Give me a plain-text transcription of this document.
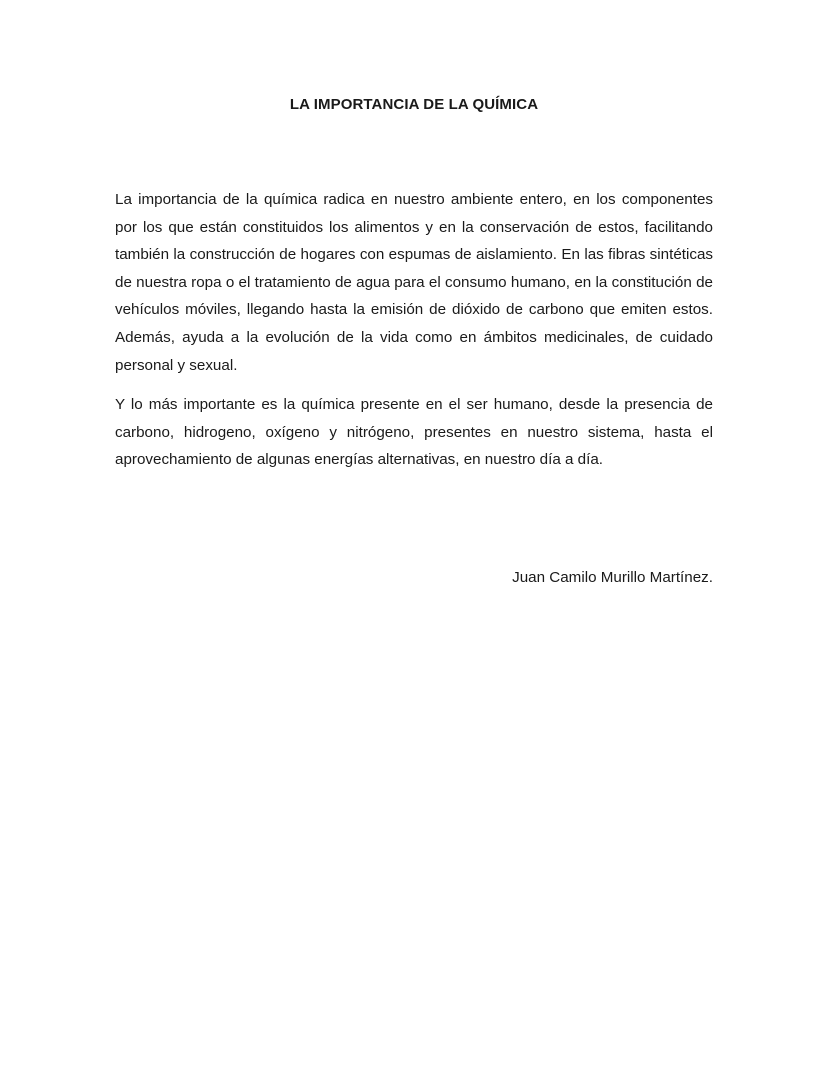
LA IMPORTANCIA DE LA QUÍMICA

La importancia de la química radica en nuestro ambiente entero, en los componentes por los que están constituidos los alimentos y en la conservación de estos, facilitando también la construcción de hogares con espumas de aislamiento. En las fibras sintéticas de nuestra ropa o el tratamiento de agua para el consumo humano, en la constitución de vehículos móviles, llegando hasta la emisión de dióxido de carbono que emiten estos. Además, ayuda a la evolución de la vida como en ámbitos medicinales, de cuidado personal y sexual.

Y lo más importante es la química presente en el ser humano, desde la presencia de carbono, hidrogeno, oxígeno y nitrógeno, presentes en nuestro sistema, hasta el aprovechamiento de algunas energías alternativas, en nuestro día a día.

Juan Camilo Murillo Martínez.
